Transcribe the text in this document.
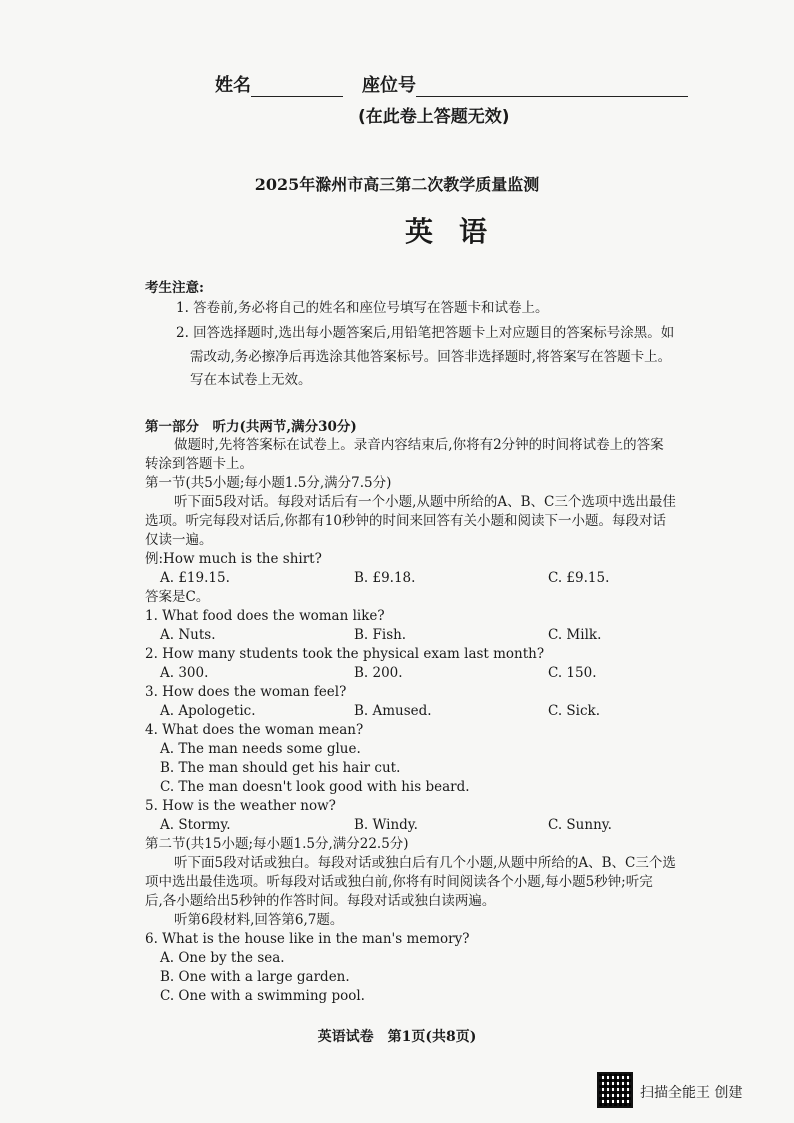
姓名	座位号
(在此卷上答题无效)
2025年滁州市高三第二次教学质量监测
英语
考生注意:
1. 答卷前,务必将自己的姓名和座位号填写在答题卡和试卷上。
2. 回答选择题时,选出每小题答案后,用铅笔把答题卡上对应题目的答案标号涂黑。如
需改动,务必擦净后再选涂其他答案标号。回答非选择题时,将答案写在答题卡上。
写在本试卷上无效。
第一部分　听力(共两节,满分30分)
做题时,先将答案标在试卷上。录音内容结束后,你将有2分钟的时间将试卷上的答案
转涂到答题卡上。
第一节(共5小题;每小题1.5分,满分7.5分)
听下面5段对话。每段对话后有一个小题,从题中所给的A、B、C三个选项中选出最佳
选项。听完每段对话后,你都有10秒钟的时间来回答有关小题和阅读下一小题。每段对话
仅读一遍。
例:How much is the shirt?
A. £19.15.	B. £9.18.	C. £9.15.
答案是C。
1. What food does the woman like?
A. Nuts.	B. Fish.	C. Milk.
2. How many students took the physical exam last month?
A. 300.	B. 200.	C. 150.
3. How does the woman feel?
A. Apologetic.	B. Amused.	C. Sick.
4. What does the woman mean?
A. The man needs some glue.
B. The man should get his hair cut.
C. The man doesn't look good with his beard.
5. How is the weather now?
A. Stormy.	B. Windy.	C. Sunny.
第二节(共15小题;每小题1.5分,满分22.5分)
听下面5段对话或独白。每段对话或独白后有几个小题,从题中所给的A、B、C三个选
项中选出最佳选项。听每段对话或独白前,你将有时间阅读各个小题,每小题5秒钟;听完
后,各小题给出5秒钟的作答时间。每段对话或独白读两遍。
听第6段材料,回答第6,7题。
6. What is the house like in the man's memory?
A. One by the sea.
B. One with a large garden.
C. One with a swimming pool.
英语试卷　第1页(共8页)
扫描全能王 创建
